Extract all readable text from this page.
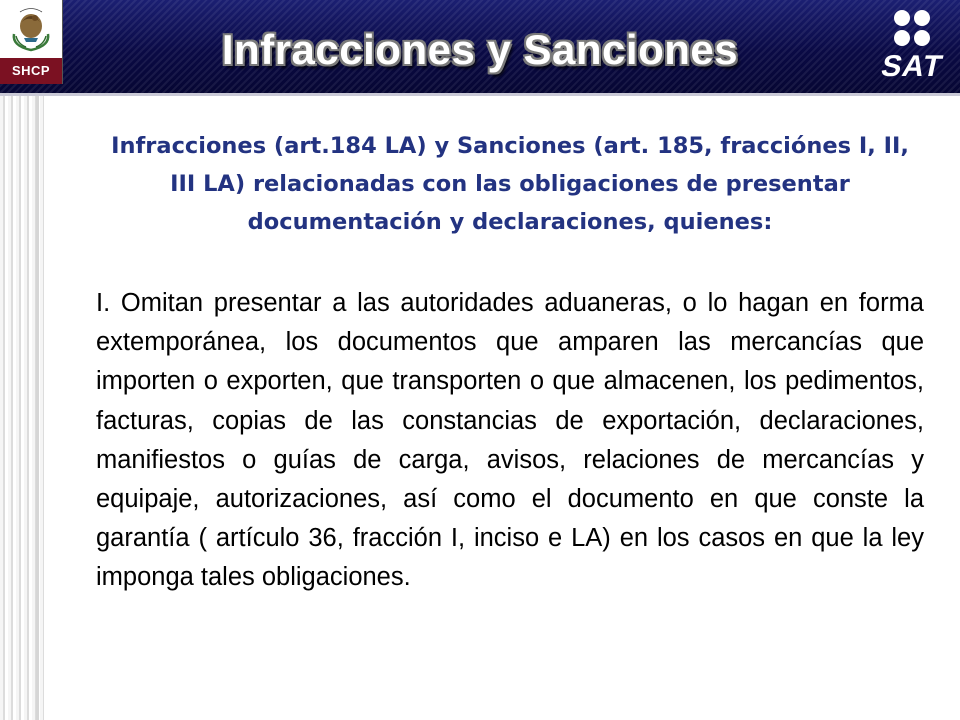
SHCP	Infracciones y Sanciones	SAT
Infracciones (art.184 LA) y Sanciones (art. 185, fracciónes I, II, III LA) relacionadas con las obligaciones de presentar documentación y declaraciones, quienes:
I. Omitan presentar a las autoridades aduaneras, o lo hagan en forma extemporánea, los documentos que amparen las mercancías que importen o exporten, que transporten o que almacenen, los pedimentos, facturas, copias de las constancias de exportación, declaraciones, manifiestos o guías de carga, avisos, relaciones de mercancías y equipaje, autorizaciones, así como el documento en que conste la garantía ( artículo 36, fracción I, inciso e LA) en los casos en que la ley imponga tales obligaciones.
